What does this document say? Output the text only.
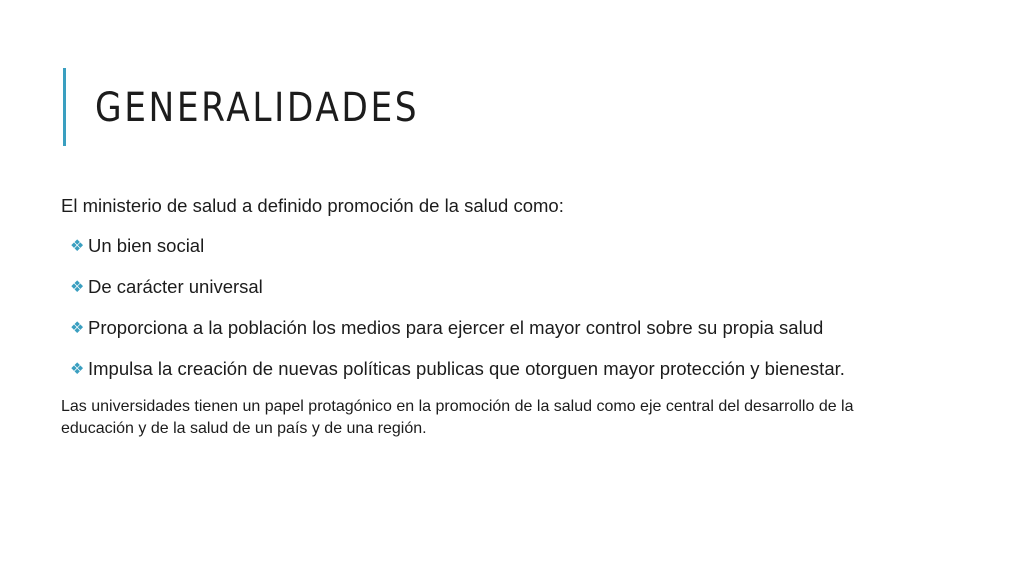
GENERALIDADES

El ministerio de salud a definido promoción de la salud como:

❖ Un bien social
❖ De carácter universal
❖ Proporciona a la población los medios para ejercer el mayor control sobre su propia salud
❖ Impulsa la creación de nuevas políticas publicas que otorguen mayor protección y bienestar.

Las universidades tienen un papel protagónico en la promoción de la salud como eje central del desarrollo de la educación y de la salud de un país y de una región.
